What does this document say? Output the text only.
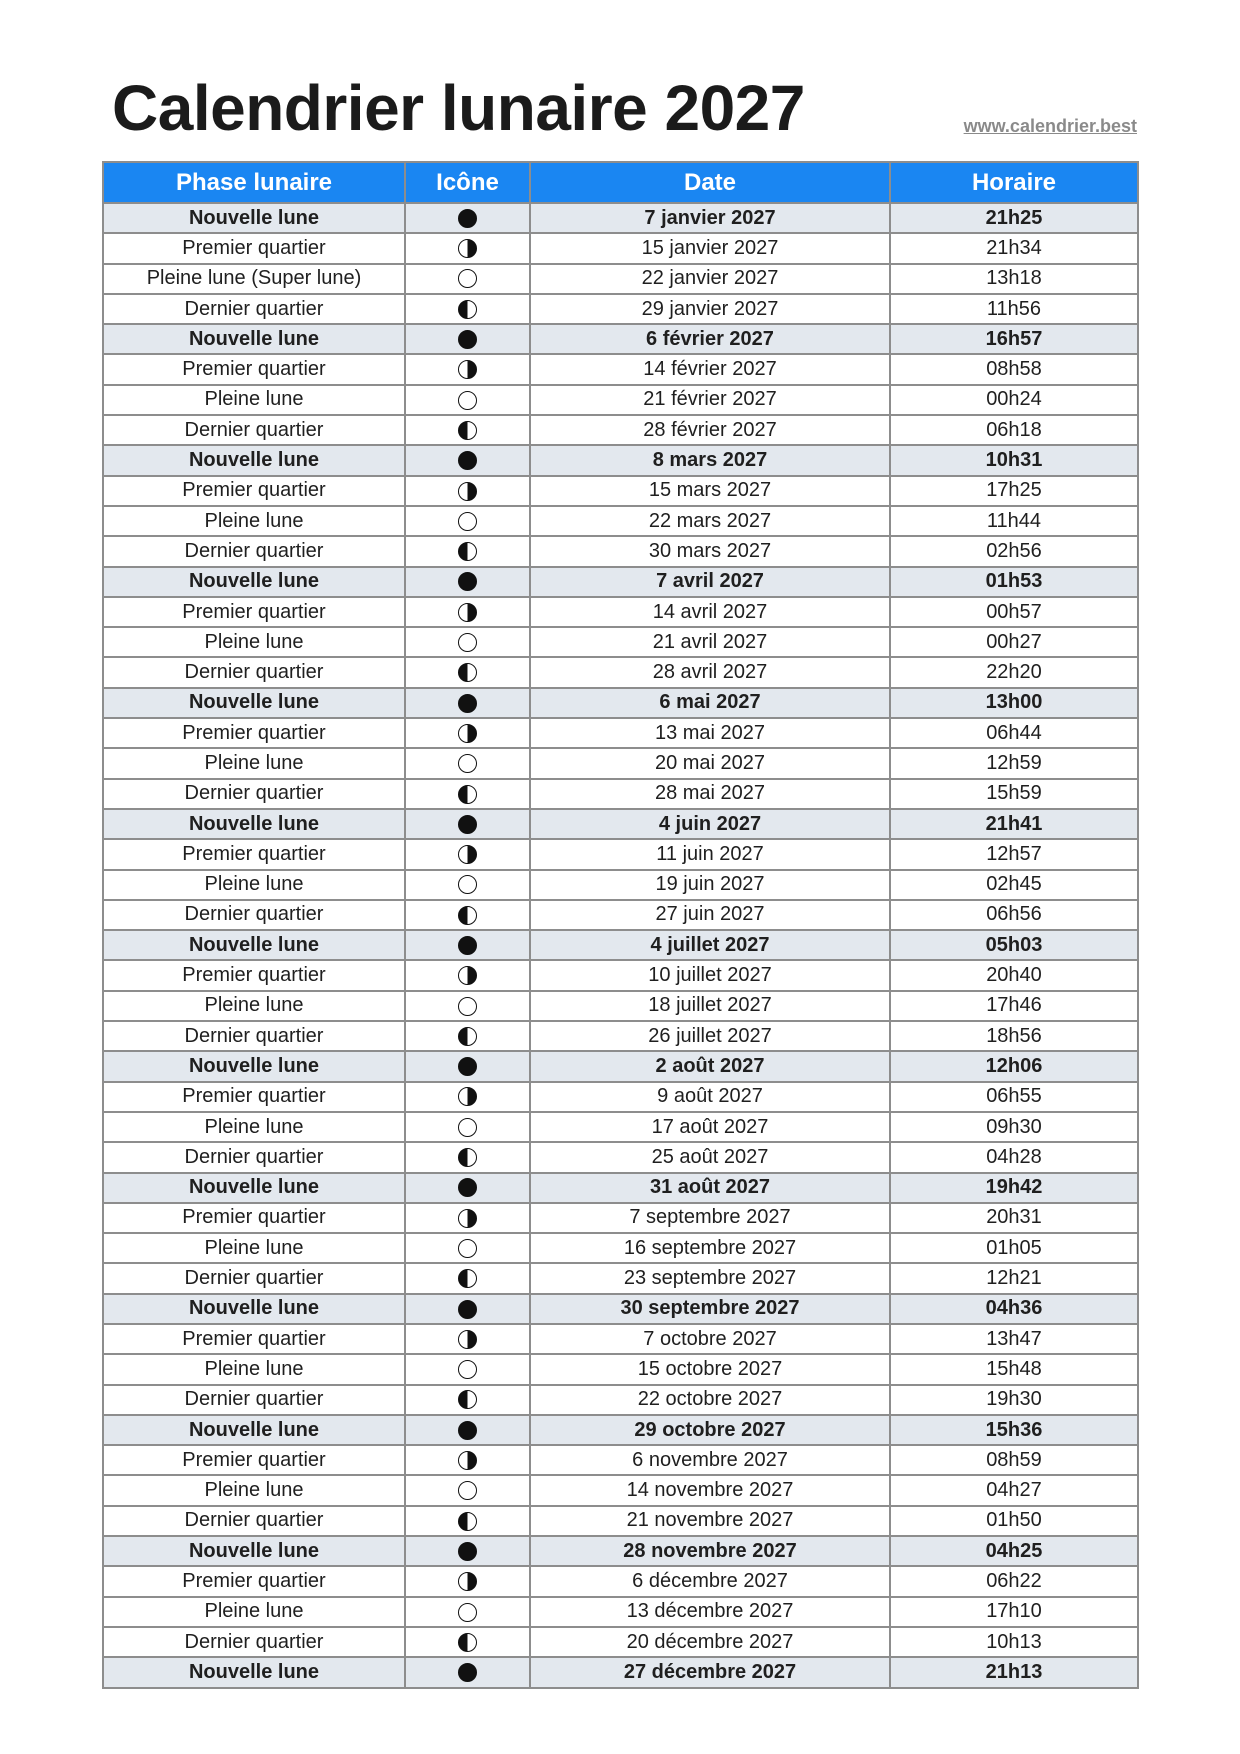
Calendrier lunaire 2027	www.calendrier.best
Phase lunaire	Icône	Date	Horaire
Nouvelle lune		7 janvier 2027	21h25
Premier quartier		15 janvier 2027	21h34
Pleine lune (Super lune)		22 janvier 2027	13h18
Dernier quartier		29 janvier 2027	11h56
Nouvelle lune		6 février 2027	16h57
Premier quartier		14 février 2027	08h58
Pleine lune		21 février 2027	00h24
Dernier quartier		28 février 2027	06h18
Nouvelle lune		8 mars 2027	10h31
Premier quartier		15 mars 2027	17h25
Pleine lune		22 mars 2027	11h44
Dernier quartier		30 mars 2027	02h56
Nouvelle lune		7 avril 2027	01h53
Premier quartier		14 avril 2027	00h57
Pleine lune		21 avril 2027	00h27
Dernier quartier		28 avril 2027	22h20
Nouvelle lune		6 mai 2027	13h00
Premier quartier		13 mai 2027	06h44
Pleine lune		20 mai 2027	12h59
Dernier quartier		28 mai 2027	15h59
Nouvelle lune		4 juin 2027	21h41
Premier quartier		11 juin 2027	12h57
Pleine lune		19 juin 2027	02h45
Dernier quartier		27 juin 2027	06h56
Nouvelle lune		4 juillet 2027	05h03
Premier quartier		10 juillet 2027	20h40
Pleine lune		18 juillet 2027	17h46
Dernier quartier		26 juillet 2027	18h56
Nouvelle lune		2 août 2027	12h06
Premier quartier		9 août 2027	06h55
Pleine lune		17 août 2027	09h30
Dernier quartier		25 août 2027	04h28
Nouvelle lune		31 août 2027	19h42
Premier quartier		7 septembre 2027	20h31
Pleine lune		16 septembre 2027	01h05
Dernier quartier		23 septembre 2027	12h21
Nouvelle lune		30 septembre 2027	04h36
Premier quartier		7 octobre 2027	13h47
Pleine lune		15 octobre 2027	15h48
Dernier quartier		22 octobre 2027	19h30
Nouvelle lune		29 octobre 2027	15h36
Premier quartier		6 novembre 2027	08h59
Pleine lune		14 novembre 2027	04h27
Dernier quartier		21 novembre 2027	01h50
Nouvelle lune		28 novembre 2027	04h25
Premier quartier		6 décembre 2027	06h22
Pleine lune		13 décembre 2027	17h10
Dernier quartier		20 décembre 2027	10h13
Nouvelle lune		27 décembre 2027	21h13
